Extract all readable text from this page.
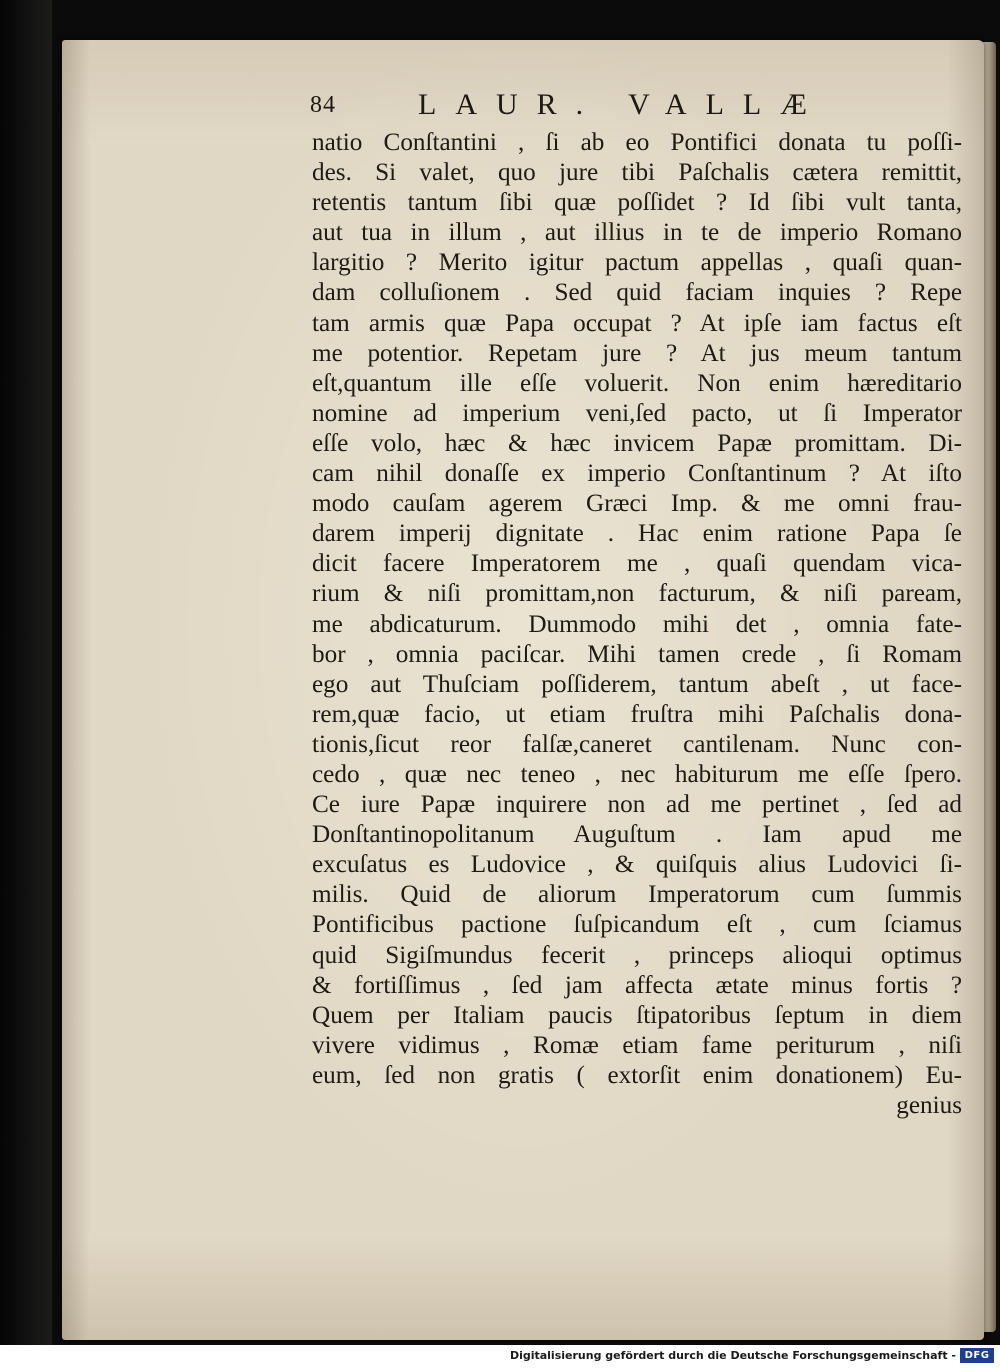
84	LAUR. VALLÆ
natio Conſtantini , ſi ab eo Pontifici donata tu poſſi-
des. Si valet, quo jure tibi Paſchalis cætera remittit,
retentis tantum ſibi quæ poſſidet ? Id ſibi vult tanta,
aut tua in illum , aut illius in te de imperio Romano
largitio ? Merito igitur pactum appellas , quaſi quan-
dam colluſionem . Sed quid faciam inquies ? Repe
tam armis quæ Papa occupat ? At ipſe iam factus eſt
me potentior. Repetam jure ? At jus meum tantum
eſt,quantum ille eſſe voluerit. Non enim hæreditario
nomine ad imperium veni,ſed pacto, ut ſi Imperator
eſſe volo, hæc & hæc invicem Papæ promittam. Di-
cam nihil donaſſe ex imperio Conſtantinum ? At iſto
modo cauſam agerem Græci Imp. & me omni frau-
darem imperij dignitate . Hac enim ratione Papa ſe
dicit facere Imperatorem me , quaſi quendam vica-
rium & niſi promittam,non facturum, & niſi paream,
me abdicaturum. Dummodo mihi det , omnia fate-
bor , omnia paciſcar. Mihi tamen crede , ſi Romam
ego aut Thuſciam poſſiderem, tantum abeſt , ut face-
rem,quæ facio, ut etiam fruſtra mihi Paſchalis dona-
tionis,ſicut reor falſæ,caneret cantilenam. Nunc con-
cedo , quæ nec teneo , nec habiturum me eſſe ſpero.
Ce iure Papæ inquirere non ad me pertinet , ſed ad
Donſtantinopolitanum Auguſtum . Iam apud me
excuſatus es Ludovice , & quiſquis alius Ludovici ſi-
milis. Quid de aliorum Imperatorum cum ſummis
Pontificibus pactione ſuſpicandum eſt , cum ſciamus
quid Sigiſmundus fecerit , princeps alioqui optimus
& fortiſſimus , ſed jam affecta ætate minus fortis ?
Quem per Italiam paucis ſtipatoribus ſeptum in diem
vivere vidimus , Romæ etiam fame periturum , niſi
eum, ſed non gratis ( extorſit enim donationem) Eu-
genius
Digitalisierung gefördert durch die Deutsche Forschungsgemeinschaft - DFG
